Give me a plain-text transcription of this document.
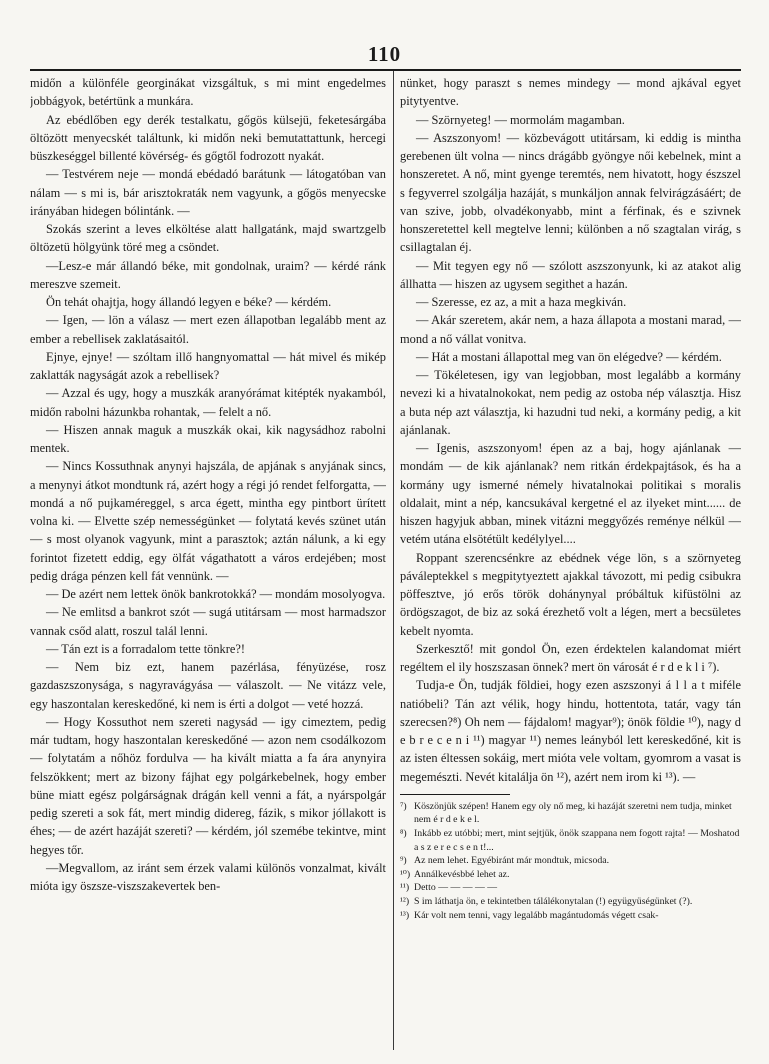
110

midőn a különféle georginákat vizsgáltuk, s mi mint engedelmes jobbágyok, betértünk a munkára.

Az ebédlőben egy derék testalkatu, gőgös külsejü, feketesárgába öltözött menyecskét találtunk, ki midőn neki bemutattattunk, hercegi büszkeséggel billenté kövérség- és gőgtől fodrozott nyakát.

— Testvérem neje — mondá ebédadó barátunk — látogatóban van nálam — s mi is, bár arisztokraták nem vagyunk, a gőgös menyecske irányában hidegen bólintánk. —

Szokás szerint a leves elköltése alatt hallgatánk, majd swartzgelb öltözetü hölgyünk töré meg a csöndet.

—Lesz-e már állandó béke, mit gondolnak, uraim? — kérdé ránk mereszve szemeit.

Ön tehát ohajtja, hogy állandó legyen e béke? — kérdém.

— Igen, — lön a válasz — mert ezen állapotban legalább ment az ember a rebellisek zaklatásaitól.

Ejnye, ejnye! — szóltam illő hangnyomattal — hát mivel és mikép zaklatták nagyságát azok a rebellisek?

— Azzal és ugy, hogy a muszkák aranyórámat kitépték nyakamból, midőn rabolni házunkba rohantak, — felelt a nő.

— Hiszen annak maguk a muszkák okai, kik nagysádhoz rabolni mentek.

— Nincs Kossuthnak anynyi hajszála, de apjának s anyjának sincs, a menynyi átkot mondtunk rá, azért hogy a régi jó rendet felforgatta, — mondá a nő pujkaméreggel, s arca égett, mintha egy pintbort ürített volna ki. — Elvette szép nemességünket — folytatá kevés szünet után — s most olyanok vagyunk, mint a parasztok; aztán nálunk, a ki egy forintot fizetett eddig, egy ölfát vágathatott a város erdejében; most pedig drága pénzen kell fát vennünk. —

— De azért nem lettek önök bankrotokká? — mondám mosolyogva.

— Ne emlitsd a bankrot szót — sugá utitársam — most harmadszor vannak csőd alatt, roszul talál lenni.

— Tán ezt is a forradalom tette tönkre?!

— Nem biz ezt, hanem pazérlása, fényüzése, rosz gazdaszszonysága, s nagyravágyása — válaszolt. — Ne vitázz vele, egy haszontalan kereskedőné, ki nem is érti a dolgot — veté hozzá.

— Hogy Kossuthot nem szereti nagysád — igy cimeztem, pedig már tudtam, hogy haszontalan kereskedőné — azon nem csodálkozom — folytatám a nőhöz fordulva — ha kivált miatta a fa ára anynyira felszökkent; mert az bizony fájhat egy polgárkebelnek, hogy ember büne miatt egész polgárságnak drágán kell venni a fát, a nyárspolgár pedig szereti a sok fát, mert mindig didereg, fázik, s mikor jóllakott is éhes; — de azért hazáját szereti? — kérdém, jól szemébe tekintve, mint hegyes tőr.

—Megvallom, az iránt sem érzek valami különös vonzalmat, kivált mióta igy öszsze-viszszakevertek ben-

nünket, hogy paraszt s nemes mindegy — mond ajkával egyet pitytyentve.

— Szörnyeteg! — mormolám magamban.

— Aszszonyom! — közbevágott utitársam, ki eddig is mintha gerebenen ült volna — nincs drágább gyöngye női kebelnek, mint a honszeretet. A nő, mint gyenge teremtés, nem hivatott, hogy észszel s fegyverrel szolgálja hazáját, s munkáljon annak felvirágzásáért; de van szive, jobb, olvadékonyabb, mint a férfinak, és e szivnek honszeretettel kell megtelve lenni; különben a nő szagtalan virág, s csillagtalan éj.

— Mit tegyen egy nő — szólott aszszonyunk, ki az atakot alig állhatta — hiszen az ugysem segithet a hazán.

— Szeresse, ez az, a mit a haza megkiván.

— Akár szeretem, akár nem, a haza állapota a mostani marad, — mond a nő vállat vonitva.

— Hát a mostani állapottal meg van ön elégedve? — kérdém.

— Tökéletesen, igy van legjobban, most legalább a kormány nevezi ki a hivatalnokokat, nem pedig az ostoba nép választja. Hisz a buta nép azt választja, ki hazudni tud neki, a kormány pedig, a kit ajánlanak.

— Igenis, aszszonyom! épen az a baj, hogy ajánlanak — mondám — de kik ajánlanak? nem ritkán érdekpajtások, és ha a kormány ugy ismerné némely hivatalnokai politikai s moralis oldalait, mint a nép, kancsukával kergetné el az ilyeket mint...... de hiszen hagyjuk abban, minek vitázni meggyőzés reménye nélkül — vetém utána elsötétült kedélylyel....

Roppant szerencsénkre az ebédnek vége lön, s a szörnyeteg páváleptekkel s megpitytyeztett ajakkal távozott, mi pedig csibukra pöffesztve, jó erős török dohánynyal próbáltuk kifüstölni az ördögszagot, de biz az soká érezhető volt a légen, mert a becsületes kebelt nyomta.

Szerkesztő! mit gondol Ön, ezen érdektelen kalandomat miért regéltem el ily hoszszasan önnek? mert ön városát é r d e k l i ⁷).

Tudja-e Ön, tudják földiei, hogy ezen aszszonyi á l l a t miféle natióbeli? Tán azt vélik, hogy hindu, hottentota, tatár, vagy tán szerecsen?⁸) Oh nem — fájdalom! magyar⁹); önök földie ¹⁰), nagy d e b r e c e n i ¹¹) magyar ¹¹) nemes leányból lett kereskedőné, kit is az isten éltessen sokáig, mert mióta vele voltam, gyomrom a vasat is megemészti. Nevét kitalálja ön ¹²), azért nem irom ki ¹³). —

⁷) Köszönjük szépen! Hanem egy oly nő meg, ki hazáját szeretni nem tudja, minket nem é r d e k e l.

⁸) Inkább ez utóbbi; mert, mint sejtjük, önök szappana nem fogott rajta! — Moshatod a s z e r e c s e n t!...

⁹) Az nem lehet. Egyébiránt már mondtuk, micsoda.

¹⁰) Annálkevésbbé lehet az.

¹¹) Detto — — — — —

¹²) S im láthatja ön, e tekintetben tálálékonytalan (!) együgyüségünket (?).

¹³) Kár volt nem tenni, vagy legalább magántudomás végett csak-
